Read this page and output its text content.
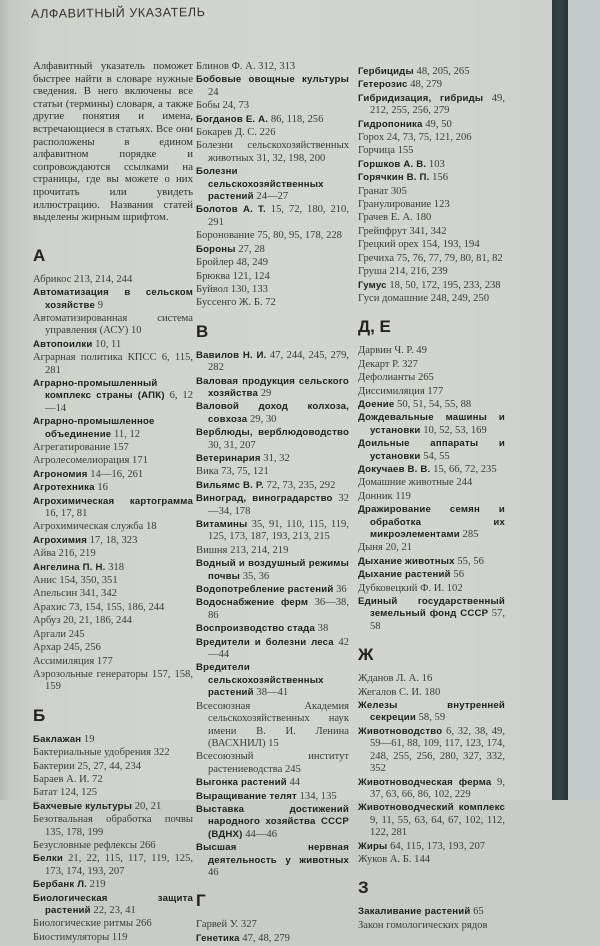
АЛФАВИТНЫЙ УКАЗАТЕЛЬ
Алфавитный указатель поможет быстрее найти в словаре нужные сведения. В него включены все статьи (термины) словаря, а также другие понятия и имена, встречающиеся в статьях. Все они расположены в едином алфавитном порядке и сопровождаются ссылками на страницы, где вы можете о них прочитать или увидеть иллюстрацию. Названия статей выделены жирным шрифтом.
А
Абрикос 213, 214, 244
Автоматизация в сельском хозяйстве 9
Автоматизированная система управления (АСУ) 10
Автопоилки 10, 11
Аграрная политика КПСС 6, 115, 281
Аграрно-промышленный комплекс страны (АПК) 6, 12—14
Аграрно-промышленное объединение 11, 12
Агрегатирование 157
Агролесомелиорация 171
Агрономия 14—16, 261
Агротехника 16
Агрохимическая картограмма 16, 17, 81
Агрохимическая служба 18
Агрохимия 17, 18, 323
Айва 216, 219
Ангелина П. Н. 318
Анис 154, 350, 351
Апельсин 341, 342
Арахис 73, 154, 155, 186, 244
Арбуз 20, 21, 186, 244
Аргали 245
Архар 245, 256
Ассимиляция 177
Аэрозольные генераторы 157, 158, 159
Б
Баклажан 19
Бактериальные удобрения 322
Бактерии 25, 27, 44, 234
Бараев А. И. 72
Батат 124, 125
Бахчевые культуры 20, 21
Безотвальная обработка почвы 135, 178, 199
Безусловные рефлексы 266
Белки 21, 22, 115, 117, 119, 125, 173, 174, 193, 207
Бербанк Л. 219
Биологическая защита растений 22, 23, 41
Биологические ритмы 266
Биостимуляторы 119
Блинов Ф. А. 312, 313
Бобовые овощные культуры 24
Бобы 24, 73
Богданов Е. А. 86, 118, 256
Бокарев Д. С. 226
Болезни сельскохозяйственных животных 31, 32, 198, 200
Болезни сельскохозяйственных растений 24—27
Болотов А. Т. 15, 72, 180, 210, 291
Боронование 75, 80, 95, 178, 228
Бороны 27, 28
Бройлер 48, 249
Брюква 121, 124
Буйвол 130, 133
Буссенго Ж. Б. 72
В
Вавилов Н. И. 47, 244, 245, 279, 282
Валовая продукция сельского хозяйства 29
Валовой доход колхоза, совхоза 29, 30
Верблюды, верблюдоводство 30, 31, 207
Ветеринария 31, 32
Вика 73, 75, 121
Вильямс В. Р. 72, 73, 235, 292
Виноград, виноградарство 32—34, 178
Витамины 35, 91, 110, 115, 119, 125, 173, 187, 193, 213, 215
Вишня 213, 214, 219
Водный и воздушный режимы почвы 35, 36
Водопотребление растений 36
Водоснабжение ферм 36—38, 86
Воспроизводство стада 38
Вредители и болезни леса 42—44
Вредители сельскохозяйственных растений 38—41
Всесоюзная Академия сельскохозяйственных наук имени В. И. Ленина (ВАСХНИЛ) 15
Всесоюзный институт растениеводства 245
Выгонка растений 44
Выращивание телят 134, 135
Выставка достижений народного хозяйства СССР (ВДНХ) 44—46
Высшая нервная деятельность у животных 46
Г
Гарвей У. 327
Генетика 47, 48, 279
Гербициды 48, 205, 265
Гетерозис 48, 279
Гибридизация, гибриды 49, 212, 255, 256, 279
Гидропоника 49, 50
Горох 24, 73, 75, 121, 206
Горчица 155
Горшков А. В. 103
Горячкин В. П. 156
Гранат 305
Гранулирование 123
Грачев Е. А. 180
Грейпфрут 341, 342
Грецкий орех 154, 193, 194
Гречиха 75, 76, 77, 79, 80, 81, 82
Груша 214, 216, 239
Гумус 18, 50, 172, 195, 233, 238
Гуси домашние 248, 249, 250
Д, Е
Дарвин Ч. Р. 49
Декарт Р. 327
Дефолианты 265
Диссимиляция 177
Доение 50, 51, 54, 55, 88
Дождевальные машины и установки 10, 52, 53, 169
Доильные аппараты и установки 54, 55
Докучаев В. В. 15, 66, 72, 235
Домашние животные 244
Донник 119
Дражирование семян и обработка их микроэлементами 285
Дыня 20, 21
Дыхание животных 55, 56
Дыхание растений 56
Дубковецкий Ф. И. 102
Единый государственный земельный фонд СССР 57, 58
Ж
Жданов Л. А. 16
Жегалов С. И. 180
Железы внутренней секреции 58, 59
Животноводство 6, 32, 38, 49, 59—61, 88, 109, 117, 123, 174, 248, 255, 256, 280, 327, 332, 352
Животноводческая ферма 9, 37, 63, 66, 86, 102, 229
Животноводческий комплекс 9, 11, 55, 63, 64, 67, 102, 112, 122, 281
Жиры 64, 115, 173, 193, 207
Жуков А. Б. 144
З
Закаливание растений 65
Закон гомологических рядов
